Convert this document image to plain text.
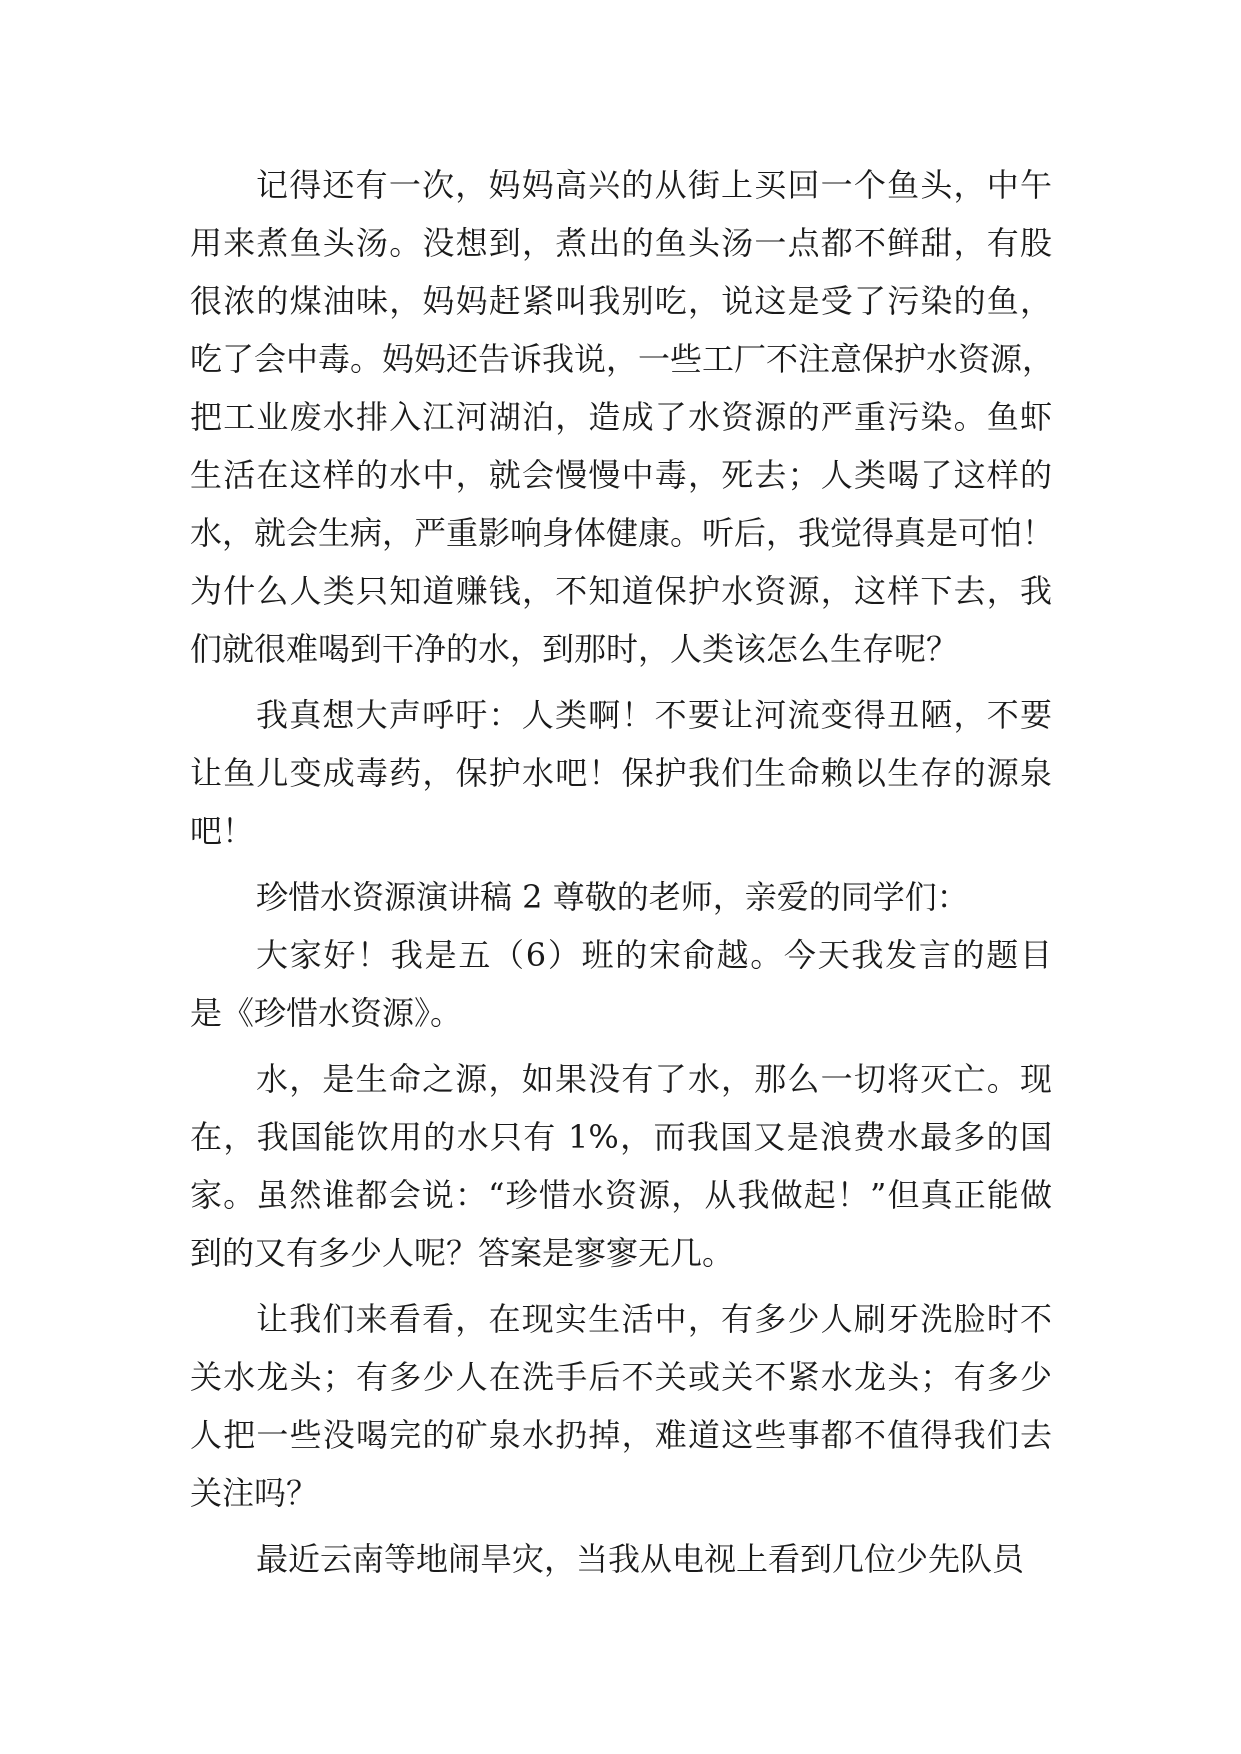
记得还有一次，妈妈高兴的从街上买回一个鱼头，中午
用来煮鱼头汤。没想到，煮出的鱼头汤一点都不鲜甜，有股
很浓的煤油味，妈妈赶紧叫我别吃，说这是受了污染的鱼，
吃了会中毒。妈妈还告诉我说，一些工厂不注意保护水资源，
把工业废水排入江河湖泊，造成了水资源的严重污染。鱼虾
生活在这样的水中，就会慢慢中毒，死去；人类喝了这样的
水，就会生病，严重影响身体健康。听后，我觉得真是可怕！
为什么人类只知道赚钱，不知道保护水资源，这样下去，我
们就很难喝到干净的水，到那时，人类该怎么生存呢？
我真想大声呼吁：人类啊！不要让河流变得丑陋，不要
让鱼儿变成毒药，保护水吧！保护我们生命赖以生存的源泉
吧！
珍惜水资源演讲稿 2 尊敬的老师，亲爱的同学们：
大家好！我是五（6）班的宋俞越。今天我发言的题目
是《珍惜水资源》。
水，是生命之源，如果没有了水，那么一切将灭亡。现
在，我国能饮用的水只有 1%，而我国又是浪费水最多的国
家。虽然谁都会说：“珍惜水资源，从我做起！”但真正能做
到的又有多少人呢？答案是寥寥无几。
让我们来看看，在现实生活中，有多少人刷牙洗脸时不
关水龙头；有多少人在洗手后不关或关不紧水龙头；有多少
人把一些没喝完的矿泉水扔掉，难道这些事都不值得我们去
关注吗？
最近云南等地闹旱灾，当我从电视上看到几位少先队员
